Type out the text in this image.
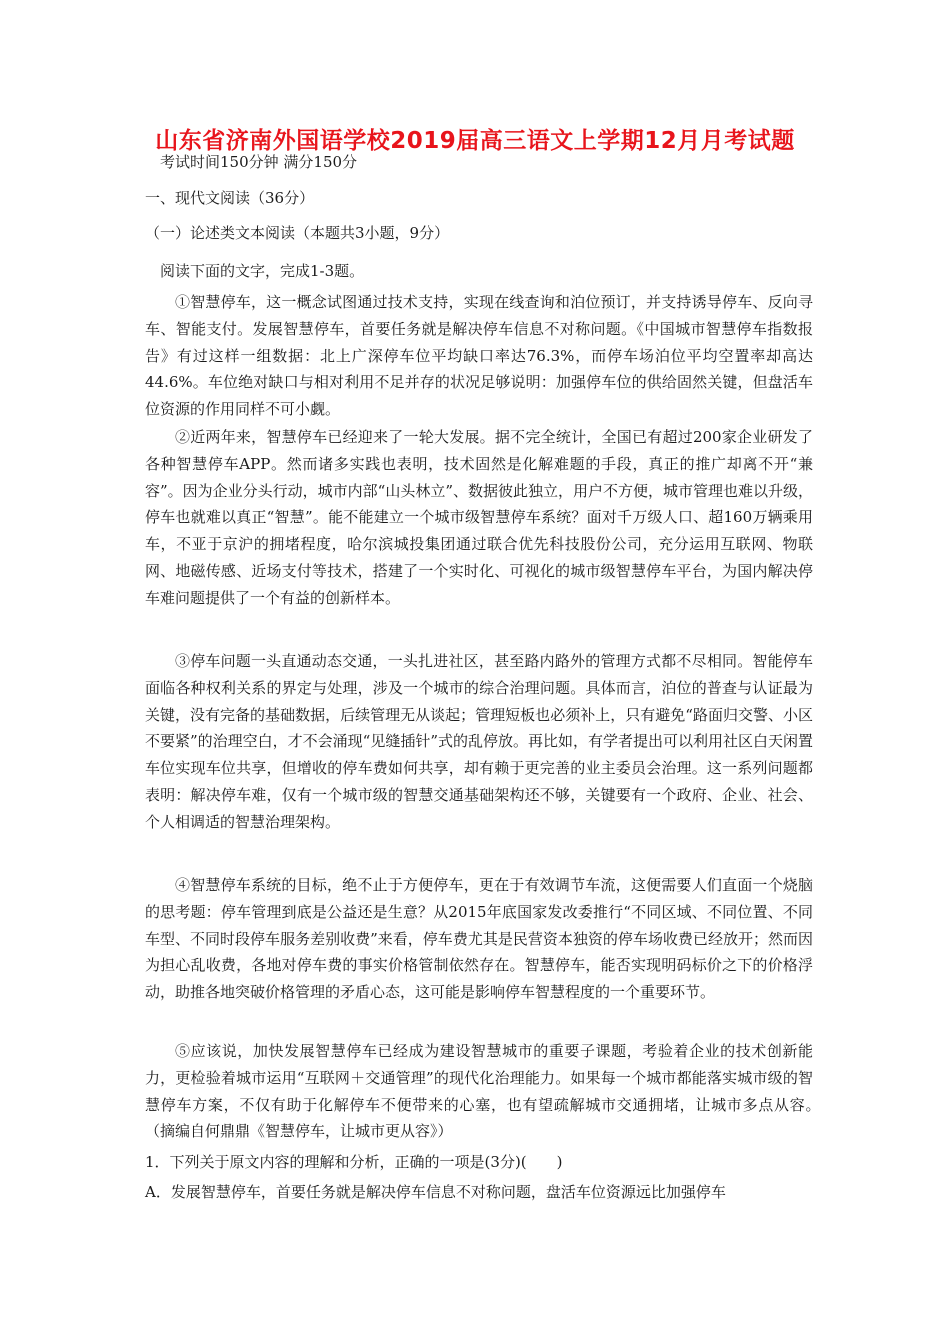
山东省济南外国语学校2019届高三语文上学期12月月考试题
考试时间150分钟 满分150分
一、现代文阅读（36分）
（一）论述类文本阅读（本题共3小题，9分）
阅读下面的文字，完成1-3题。

①智慧停车，这一概念试图通过技术支持，实现在线查询和泊位预订，并支持诱导停车、反向寻车、智能支付。发展智慧停车，首要任务就是解决停车信息不对称问题。《中国城市智慧停车指数报告》有过这样一组数据：北上广深停车位平均缺口率达76.3%，而停车场泊位平均空置率却高达44.6%。车位绝对缺口与相对利用不足并存的状况足够说明：加强停车位的供给固然关键，但盘活车位资源的作用同样不可小觑。

②近两年来，智慧停车已经迎来了一轮大发展。据不完全统计，全国已有超过200家企业研发了各种智慧停车APP。然而诸多实践也表明，技术固然是化解难题的手段，真正的推广却离不开“兼容”。因为企业分头行动，城市内部“山头林立”、数据彼此独立，用户不方便，城市管理也难以升级，停车也就难以真正“智慧”。能不能建立一个城市级智慧停车系统？面对千万级人口、超160万辆乘用车，不亚于京沪的拥堵程度，哈尔滨城投集团通过联合优先科技股份公司，充分运用互联网、物联网、地磁传感、近场支付等技术，搭建了一个实时化、可视化的城市级智慧停车平台，为国内解决停车难问题提供了一个有益的创新样本。

③停车问题一头直通动态交通，一头扎进社区，甚至路内路外的管理方式都不尽相同。智能停车面临各种权利关系的界定与处理，涉及一个城市的综合治理问题。具体而言，泊位的普查与认证最为关键，没有完备的基础数据，后续管理无从谈起；管理短板也必须补上，只有避免“路面归交警、小区不要紧”的治理空白，才不会涌现“见缝插针”式的乱停放。再比如，有学者提出可以利用社区白天闲置车位实现车位共享，但增收的停车费如何共享，却有赖于更完善的业主委员会治理。这一系列问题都表明：解决停车难，仅有一个城市级的智慧交通基础架构还不够，关键要有一个政府、企业、社会、个人相调适的智慧治理架构。

④智慧停车系统的目标，绝不止于方便停车，更在于有效调节车流，这便需要人们直面一个烧脑的思考题：停车管理到底是公益还是生意？从2015年底国家发改委推行“不同区域、不同位置、不同车型、不同时段停车服务差别收费”来看，停车费尤其是民营资本独资的停车场收费已经放开；然而因为担心乱收费，各地对停车费的事实价格管制依然存在。智慧停车，能否实现明码标价之下的价格浮动，助推各地突破价格管理的矛盾心态，这可能是影响停车智慧程度的一个重要环节。

⑤应该说，加快发展智慧停车已经成为建设智慧城市的重要子课题，考验着企业的技术创新能力，更检验着城市运用“互联网＋交通管理”的现代化治理能力。如果每一个城市都能落实城市级的智慧停车方案，不仅有助于化解停车不便带来的心塞，也有望疏解城市交通拥堵，让城市多点从容。　　（摘编自何鼎鼎《智慧停车，让城市更从容》）

1．下列关于原文内容的理解和分析，正确的一项是(3分)(　　)
A．发展智慧停车，首要任务就是解决停车信息不对称问题，盘活车位资源远比加强停车
